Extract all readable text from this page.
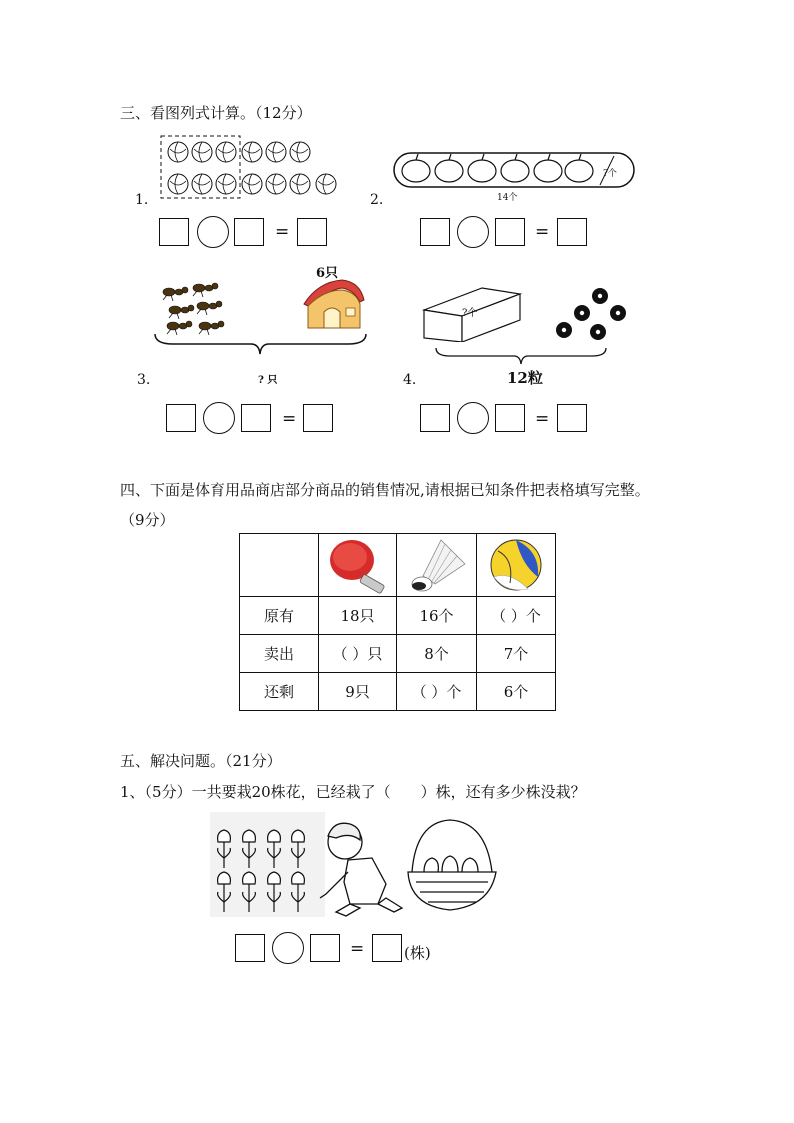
三、看图列式计算。（12分）
1.
=
?个
14个
2.
=
6只
? 只
3.
=
?个
12粒
4.
=
四、下面是体育用品商店部分商品的销售情况,请根据已知条件把表格填写完整。
（9分）

原有	18只	16个	（ ）个
卖出	（ ）只	8个	7个
还剩	9只	（ ）个	6个
五、解决问题。（21分）
1、（5分）一共要栽20株花，已经栽了（　　）株，还有多少株没栽？
=	(株)
